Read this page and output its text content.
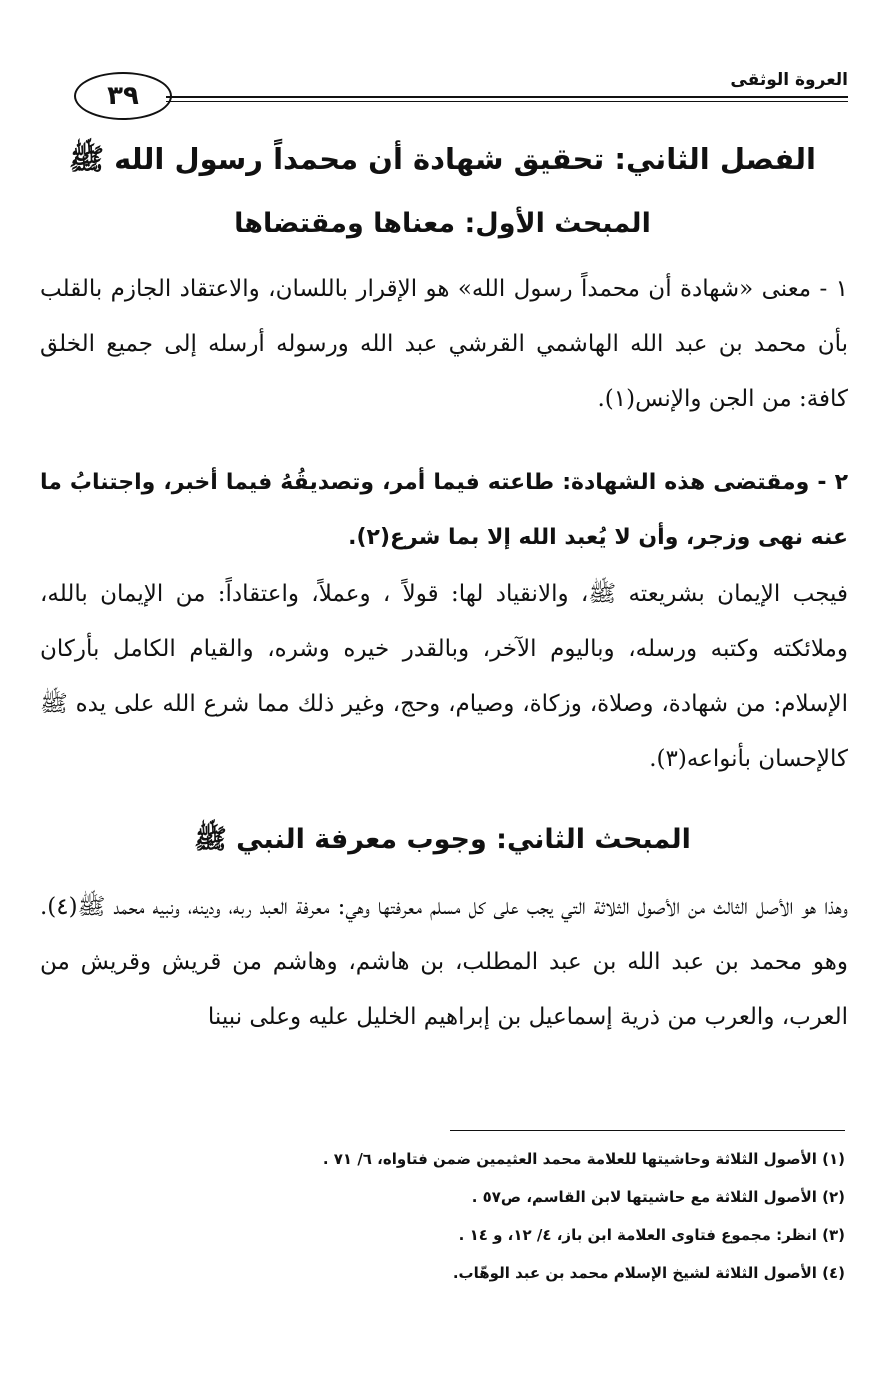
العروة الوثقى
٣٩
الفصل الثاني: تحقيق شهادة أن محمداً رسول الله ﷺ
المبحث الأول: معناها ومقتضاها

١ - معنى «شهادة أن محمداً رسول الله» هو الإقرار باللسان، والاعتقاد الجازم بالقلب بأن محمد بن عبد الله الهاشمي القرشي عبد الله ورسوله أرسله إلى جميع الخلق كافة: من الجن والإنس(١).

٢ - ومقتضى هذه الشهادة: طاعته فيما أمر، وتصديقُهُ فيما أخبر، واجتنابُ ما عنه نهى وزجر، وأن لا يُعبد الله إلا بما شرع(٢).

فيجب الإيمان بشريعته ﷺ، والانقياد لها: قولاً ، وعملاً، واعتقاداً: من الإيمان بالله، وملائكته وكتبه ورسله، وباليوم الآخر، وبالقدر خيره وشره، والقيام الكامل بأركان الإسلام: من شهادة، وصلاة، وزكاة، وصيام، وحج، وغير ذلك مما شرع الله على يده ﷺ كالإحسان بأنواعه(٣).

المبحث الثاني: وجوب معرفة النبي ﷺ

وهذا هو الأصل الثالث من الأصول الثلاثة التي يجب على كل مسلم معرفتها وهي: معرفة العبد ربه، ودينه، ونبيه محمد ﷺ(٤). وهو محمد بن عبد الله بن عبد المطلب، بن هاشم، وهاشم من قريش وقريش من العرب، والعرب من ذرية إسماعيل بن إبراهيم الخليل عليه وعلى نبينا

(١) الأصول الثلاثة وحاشيتها للعلامة محمد العثيمين ضمن فتاواه، ٦/ ٧١ .

(٢) الأصول الثلاثة مع حاشيتها لابن القاسم، ص٥٧ .

(٣) انظر: مجموع فتاوى العلامة ابن باز، ٤/ ١٢، و ١٤ .

(٤) الأصول الثلاثة لشيخ الإسلام محمد بن عبد الوهّاب.
